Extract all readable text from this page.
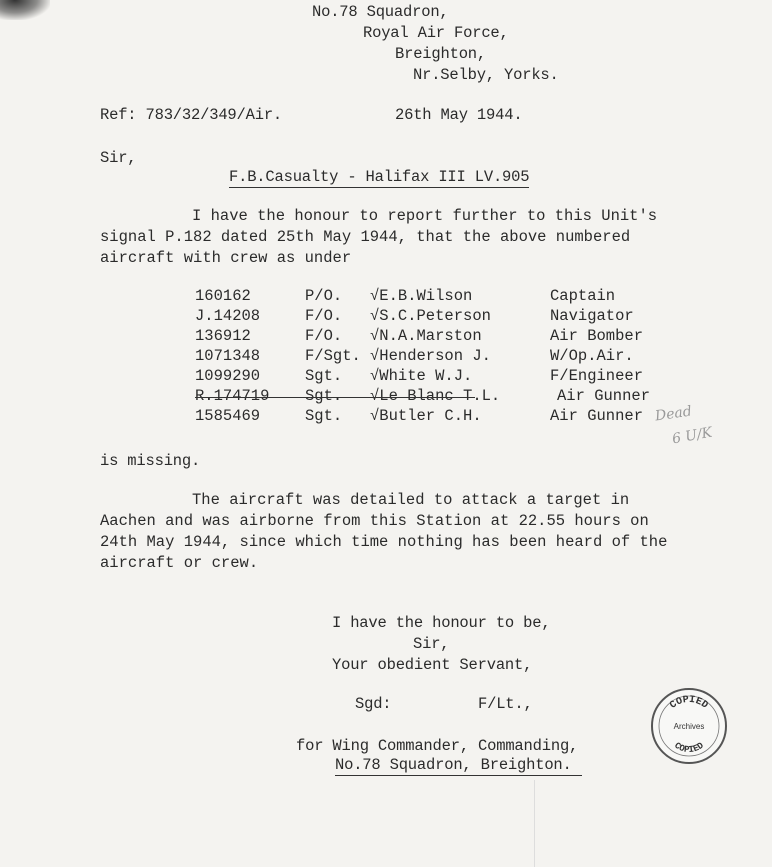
No.78 Squadron,
Royal Air Force,
Breighton,
Nr.Selby, Yorks.
Ref: 783/32/349/Air.	26th May 1944.
Sir,
F.B.Casualty - Halifax III LV.905
I have the honour to report further to this Unit's
signal P.182 dated 25th May 1944, that the above numbered
aircraft with crew as under
160162	P/O. √E.B.Wilson	Captain
J.14208	F/O. √S.C.Peterson	Navigator
136912	F/O. √N.A.Marston	Air Bomber
1071348	F/Sgt. √Henderson J.	W/Op.Air.
1099290	Sgt. √White W.J.	F/Engineer
R.174719 Sgt. √Le Blanc T.L.	Air Gunner
1585469	Sgt. √Butler C.H.	Air Gunner Dead
6 U/K
is missing.
The aircraft was detailed to attack a target in
Aachen and was airborne from this Station at 22.55 hours on
24th May 1944, since which time nothing has been heard of the
aircraft or crew.
I have the honour to be,
Sir,
Your obedient Servant,
Sgd:	F/Lt.,
for Wing Commander, Commanding,
No.78 Squadron, Breighton.
COPIED
Archives
COPIED
